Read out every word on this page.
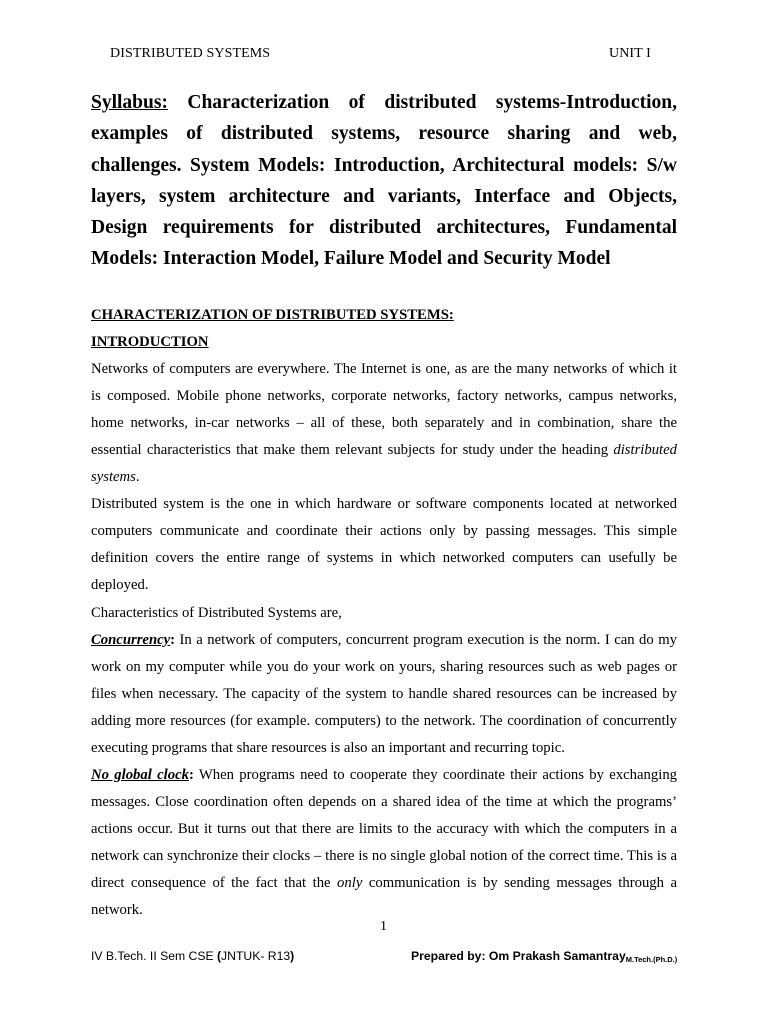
DISTRIBUTED SYSTEMS	UNIT I
Syllabus: Characterization of distributed systems-Introduction, examples of distributed systems, resource sharing and web, challenges. System Models: Introduction, Architectural models: S/w layers, system architecture and variants, Interface and Objects, Design requirements for distributed architectures, Fundamental Models: Interaction Model, Failure Model and Security Model

CHARACTERIZATION OF DISTRIBUTED SYSTEMS:

INTRODUCTION

Networks of computers are everywhere. The Internet is one, as are the many networks of which it is composed. Mobile phone networks, corporate networks, factory networks, campus networks, home networks, in-car networks – all of these, both separately and in combination, share the essential characteristics that make them relevant subjects for study under the heading distributed systems.

Distributed system is the one in which hardware or software components located at networked computers communicate and coordinate their actions only by passing messages. This simple definition covers the entire range of systems in which networked computers can usefully be deployed.

Characteristics of Distributed Systems are,

Concurrency: In a network of computers, concurrent program execution is the norm. I can do my work on my computer while you do your work on yours, sharing resources such as web pages or files when necessary. The capacity of the system to handle shared resources can be increased by adding more resources (for example. computers) to the network. The coordination of concurrently executing programs that share resources is also an important and recurring topic.

No global clock: When programs need to cooperate they coordinate their actions by exchanging messages. Close coordination often depends on a shared idea of the time at which the programs’ actions occur. But it turns out that there are limits to the accuracy with which the computers in a network can synchronize their clocks – there is no single global notion of the correct time. This is a direct consequence of the fact that the only communication is by sending messages through a network.

1
IV B.Tech. II Sem CSE (JNTUK- R13)	Prepared by: Om Prakash Samantray$_{M.Tech.(Ph.D.)}$
